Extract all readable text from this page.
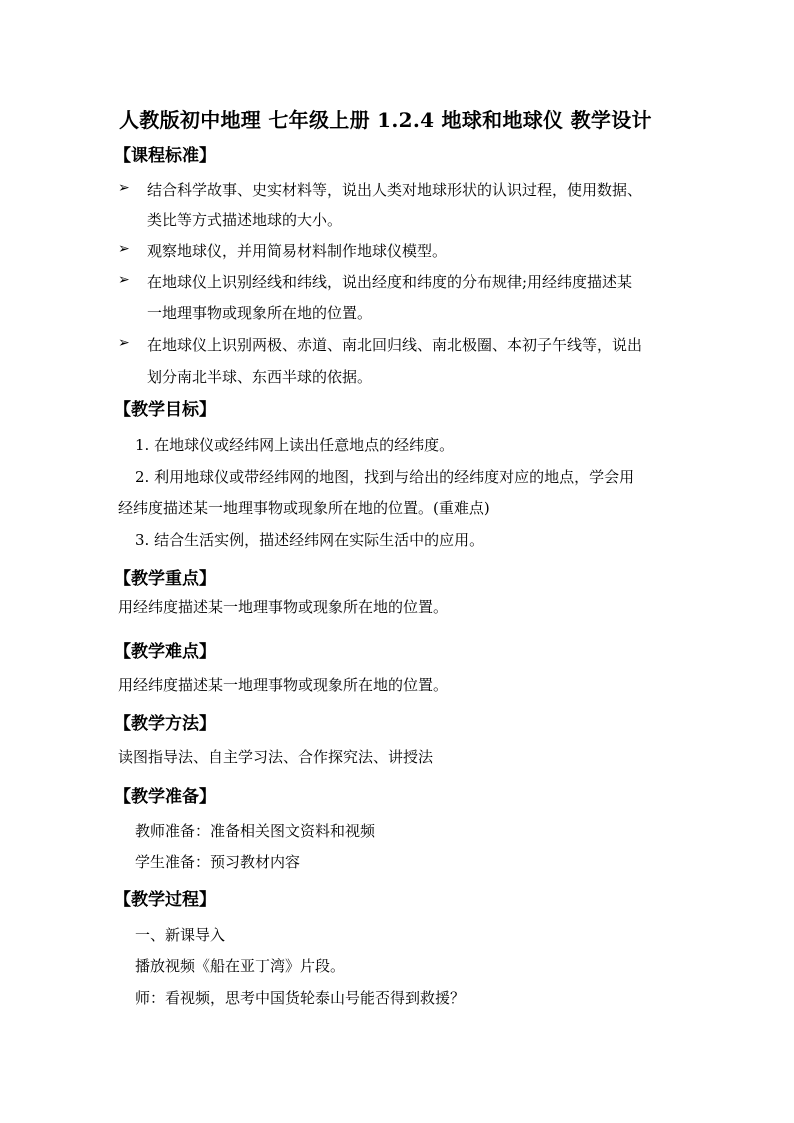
人教版初中地理 七年级上册 1.2.4 地球和地球仪 教学设计
【课程标准】
➢ 结合科学故事、史实材料等，说出人类对地球形状的认识过程，使用数据、
类比等方式描述地球的大小。
➢ 观察地球仪，并用简易材料制作地球仪模型。
➢ 在地球仪上识别经线和纬线，说出经度和纬度的分布规律;用经纬度描述某
一地理事物或现象所在地的位置。
➢ 在地球仪上识别两极、赤道、南北回归线、南北极圈、本初子午线等，说出
划分南北半球、东西半球的依据。
【教学目标】
1. 在地球仪或经纬网上读出任意地点的经纬度。
2. 利用地球仪或带经纬网的地图，找到与给出的经纬度对应的地点，学会用
经纬度描述某一地理事物或现象所在地的位置。(重难点)
3. 结合生活实例，描述经纬网在实际生活中的应用。
【教学重点】
用经纬度描述某一地理事物或现象所在地的位置。
【教学难点】
用经纬度描述某一地理事物或现象所在地的位置。
【教学方法】
读图指导法、自主学习法、合作探究法、讲授法
【教学准备】
教师准备：准备相关图文资料和视频
学生准备：预习教材内容
【教学过程】
一、新课导入
播放视频《船在亚丁湾》片段。
师：看视频，思考中国货轮泰山号能否得到救援？
